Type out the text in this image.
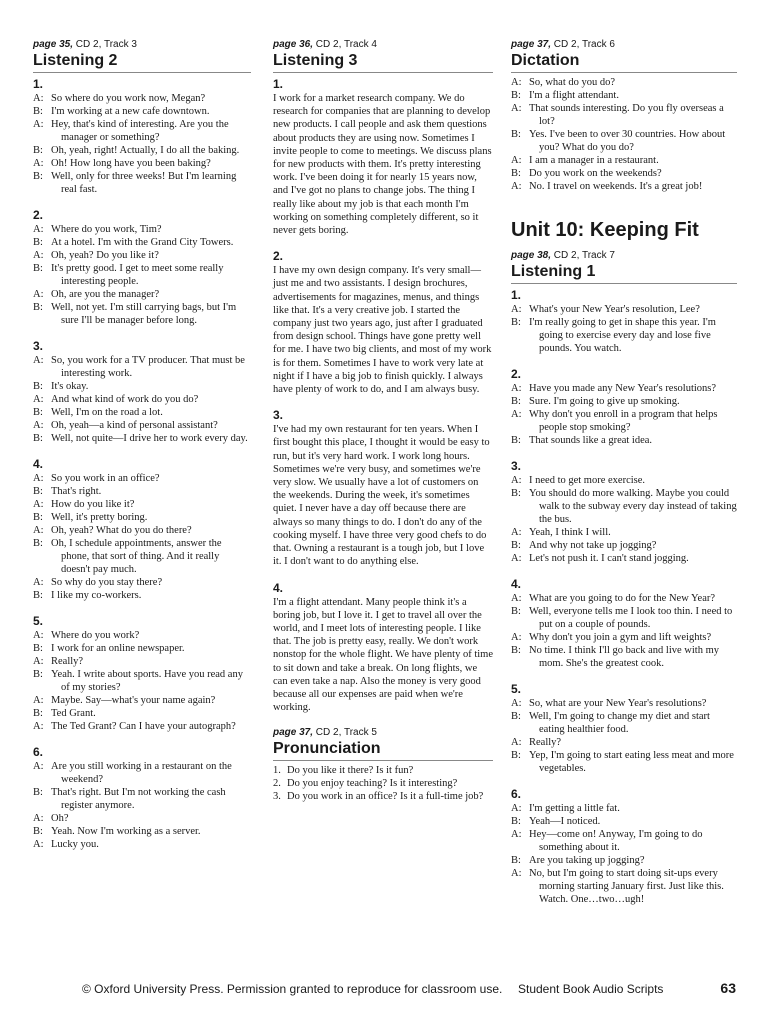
page 35, CD 2, Track 3
Listening 2
1.
A: So where do you work now, Megan?
B: I'm working at a new cafe downtown.
A: Hey, that's kind of interesting. Are you the manager or something?
B: Oh, yeah, right! Actually, I do all the baking.
A: Oh! How long have you been baking?
B: Well, only for three weeks! But I'm learning real fast.
2.
A: Where do you work, Tim?
B: At a hotel. I'm with the Grand City Towers.
A: Oh, yeah? Do you like it?
B: It's pretty good. I get to meet some really interesting people.
A: Oh, are you the manager?
B: Well, not yet. I'm still carrying bags, but I'm sure I'll be manager before long.
3.
A: So, you work for a TV producer. That must be interesting work.
B: It's okay.
A: And what kind of work do you do?
B: Well, I'm on the road a lot.
A: Oh, yeah—a kind of personal assistant?
B: Well, not quite—I drive her to work every day.
4.
A: So you work in an office?
B: That's right.
A: How do you like it?
B: Well, it's pretty boring.
A: Oh, yeah? What do you do there?
B: Oh, I schedule appointments, answer the phone, that sort of thing. And it really doesn't pay much.
A: So why do you stay there?
B: I like my co-workers.
5.
A: Where do you work?
B: I work for an online newspaper.
A: Really?
B: Yeah. I write about sports. Have you read any of my stories?
A: Maybe. Say—what's your name again?
B: Ted Grant.
A: The Ted Grant? Can I have your autograph?
6.
A: Are you still working in a restaurant on the weekend?
B: That's right. But I'm not working the cash register anymore.
A: Oh?
B: Yeah. Now I'm working as a server.
A: Lucky you.
page 36, CD 2, Track 4
Listening 3
1.
I work for a market research company. We do research for companies that are planning to develop new products. I call people and ask them questions about products they are using now. Sometimes I invite people to come to meetings. We discuss plans for new products with them. It's pretty interesting work. I've been doing it for nearly 15 years now, and I've got no plans to change jobs. The thing I really like about my job is that each month I'm working on something completely different, so it never gets boring.
2.
I have my own design company. It's very small—just me and two assistants. I design brochures, advertisements for magazines, menus, and things like that. It's a very creative job. I started the company just two years ago, just after I graduated from design school. Things have gone pretty well for me. I have two big clients, and most of my work is for them. Sometimes I have to work very late at night if I have a big job to finish quickly. I always have plenty of work to do, and I am always busy.
3.
I've had my own restaurant for ten years. When I first bought this place, I thought it would be easy to run, but it's very hard work. I work long hours. Sometimes we're very busy, and sometimes we're very slow. We usually have a lot of customers on the weekends. During the week, it's sometimes quiet. I never have a day off because there are always so many things to do. I don't do any of the cooking myself. I have three very good chefs to do that. Owning a restaurant is a tough job, but I love it. I don't want to do anything else.
4.
I'm a flight attendant. Many people think it's a boring job, but I love it. I get to travel all over the world, and I meet lots of interesting people. I like that. The job is pretty easy, really. We don't work nonstop for the whole flight. We have plenty of time to sit down and take a break. On long flights, we can even take a nap. Also the money is very good because all our expenses are paid when we're working.
page 37, CD 2, Track 5
Pronunciation
1. Do you like it there? Is it fun?
2. Do you enjoy teaching? Is it interesting?
3. Do you work in an office? Is it a full-time job?
page 37, CD 2, Track 6
Dictation
A: So, what do you do?
B: I'm a flight attendant.
A: That sounds interesting. Do you fly overseas a lot?
B: Yes. I've been to over 30 countries. How about you? What do you do?
A: I am a manager in a restaurant.
B: Do you work on the weekends?
A: No. I travel on weekends. It's a great job!
Unit 10: Keeping Fit
page 38, CD 2, Track 7
Listening 1
1.
A: What's your New Year's resolution, Lee?
B: I'm really going to get in shape this year. I'm going to exercise every day and lose five pounds. You watch.
2.
A: Have you made any New Year's resolutions?
B: Sure. I'm going to give up smoking.
A: Why don't you enroll in a program that helps people stop smoking?
B: That sounds like a great idea.
3.
A: I need to get more exercise.
B: You should do more walking. Maybe you could walk to the subway every day instead of taking the bus.
A: Yeah, I think I will.
B: And why not take up jogging?
A: Let's not push it. I can't stand jogging.
4.
A: What are you going to do for the New Year?
B: Well, everyone tells me I look too thin. I need to put on a couple of pounds.
A: Why don't you join a gym and lift weights?
B: No time. I think I'll go back and live with my mom. She's the greatest cook.
5.
A: So, what are your New Year's resolutions?
B: Well, I'm going to change my diet and start eating healthier food.
A: Really?
B: Yep, I'm going to start eating less meat and more vegetables.
6.
A: I'm getting a little fat.
B: Yeah—I noticed.
A: Hey—come on! Anyway, I'm going to do something about it.
B: Are you taking up jogging?
A: No, but I'm going to start doing sit-ups every morning starting January first. Just like this. Watch. One…two…ugh!
© Oxford University Press. Permission granted to reproduce for classroom use. Student Book Audio Scripts	63
